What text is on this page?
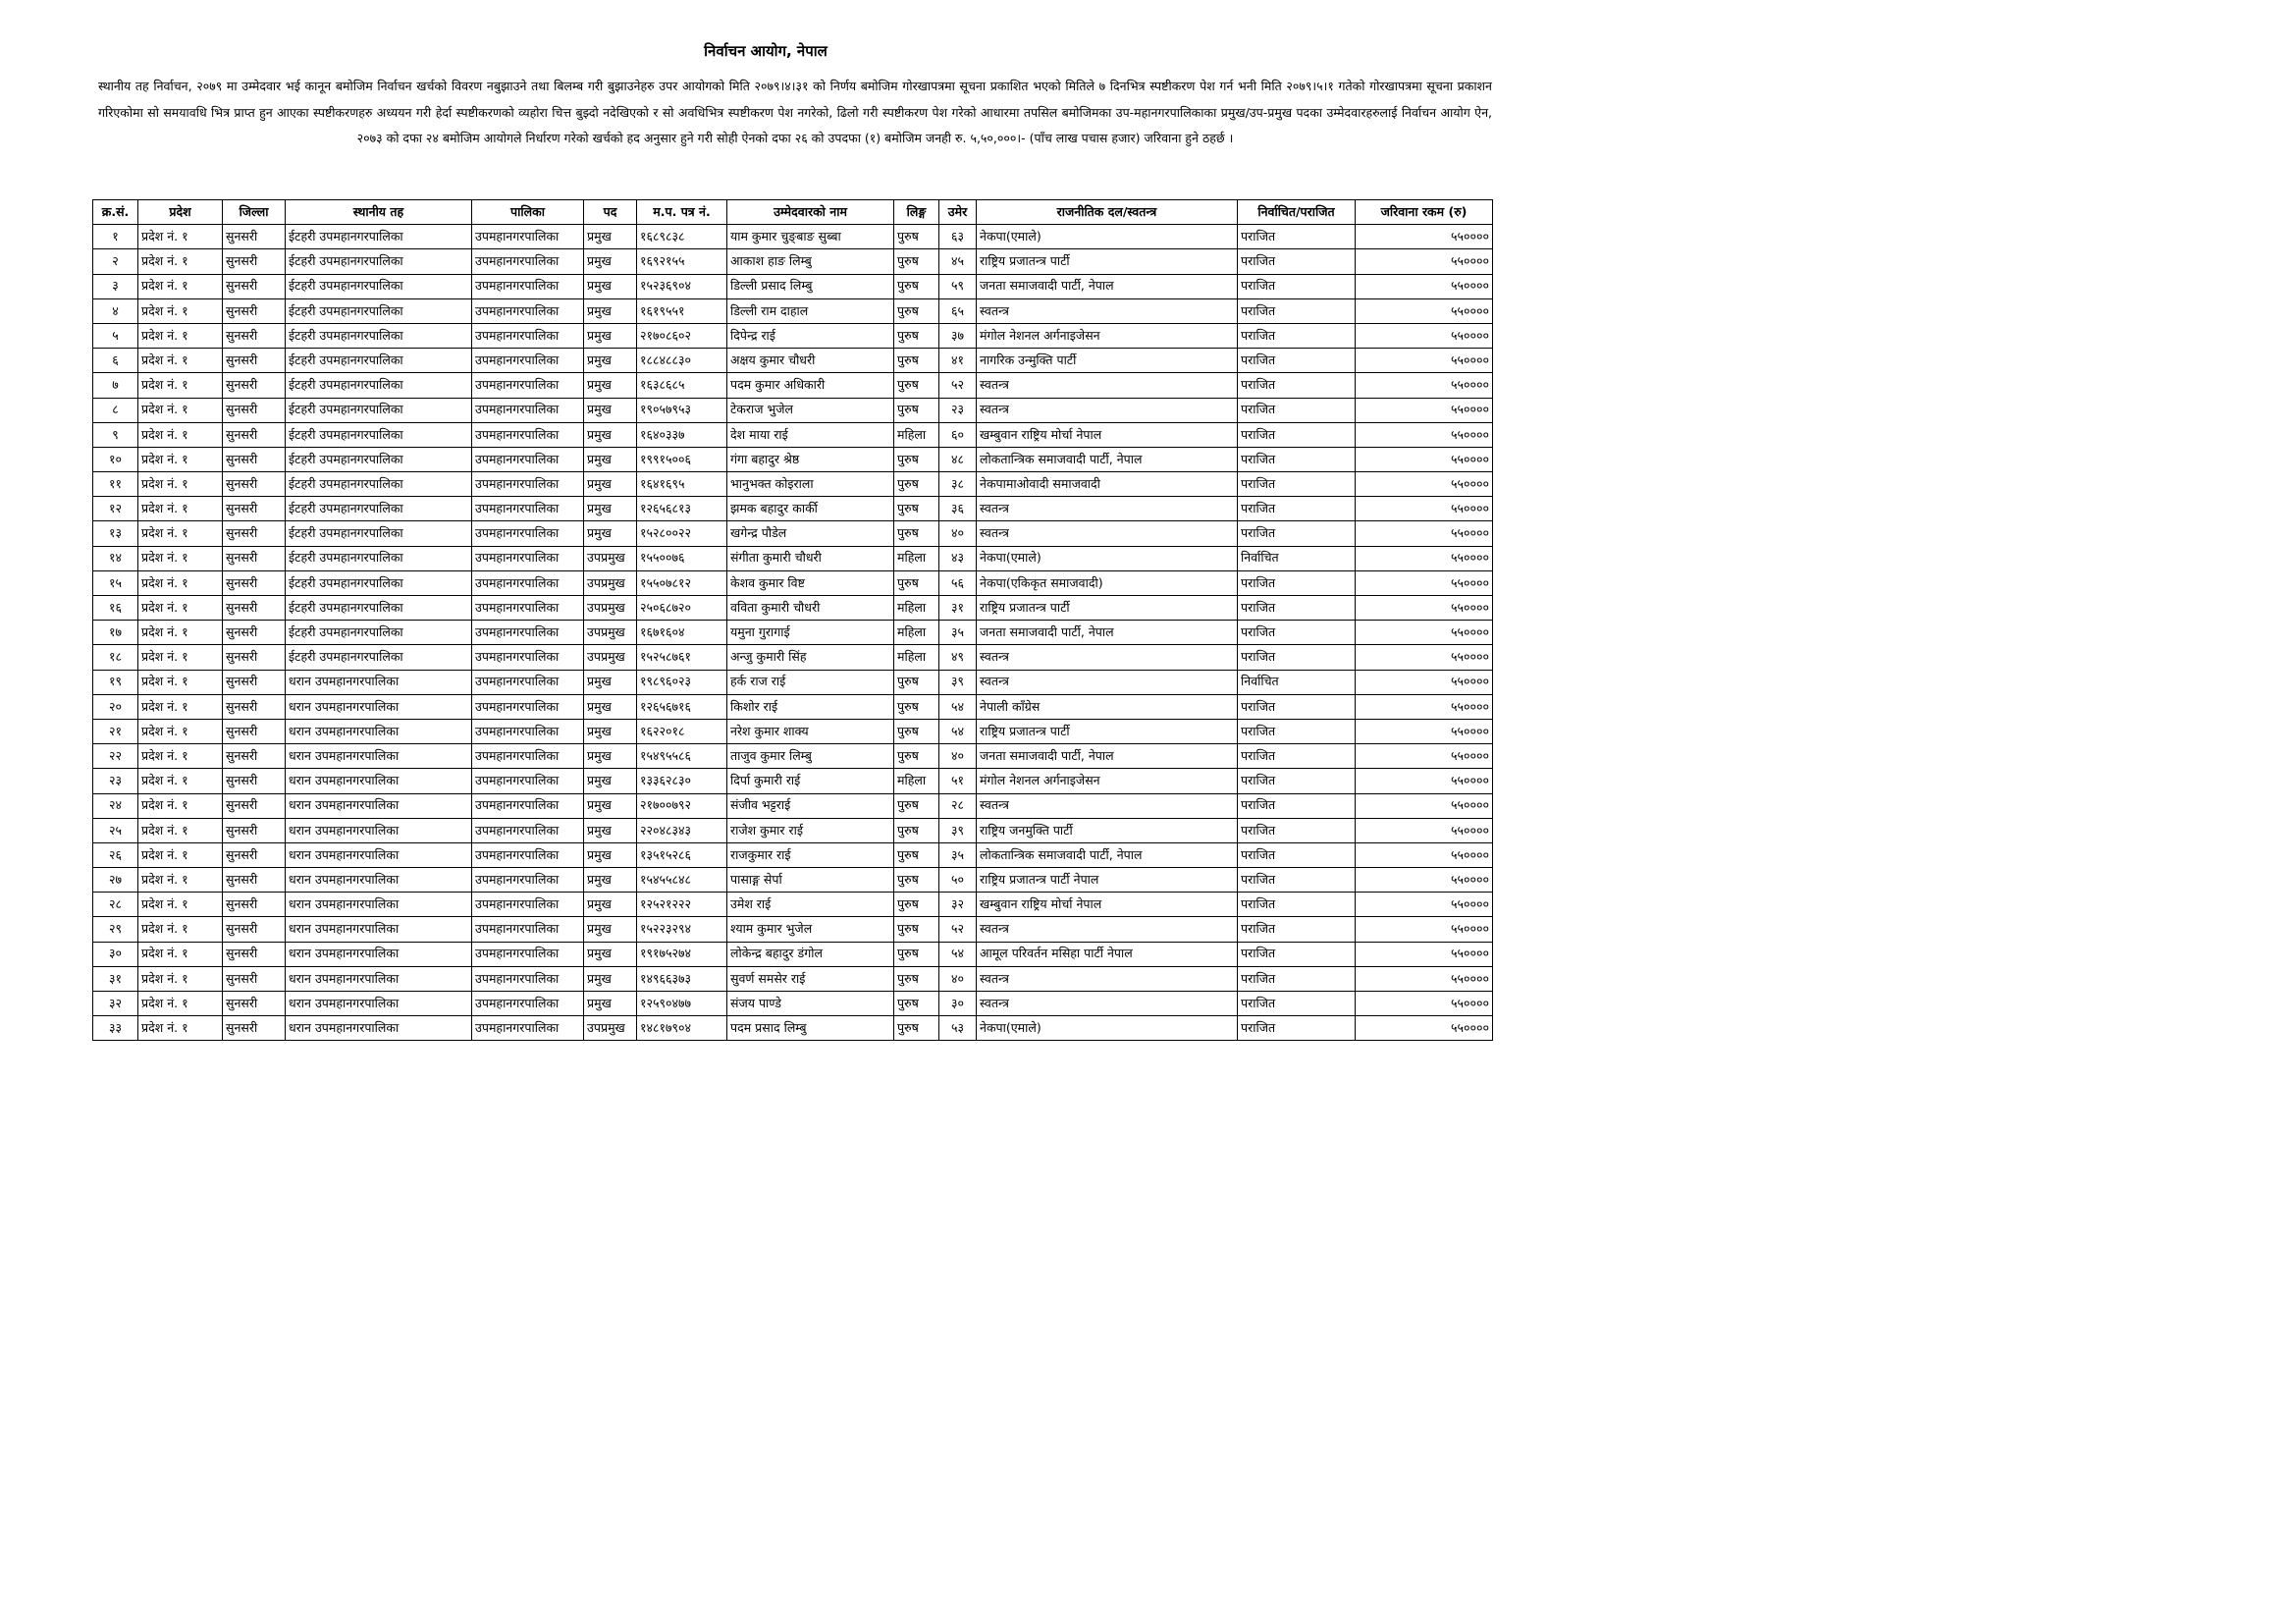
निर्वाचन आयोग, नेपाल
स्थानीय तह निर्वाचन, २०७९ मा उम्मेदवार भई कानून बमोजिम निर्वाचन खर्चको विवरण नबुझाउने तथा बिलम्ब गरी बुझाउनेहरु उपर आयोगको मिति २०७९।४।३१ को निर्णय बमोजिम गोरखापत्रमा सूचना प्रकाशित भएको मितिले ७ दिनभित्र स्पष्टीकरण पेश गर्न भनी मिति २०७९।५।१ गतेको गोरखापत्रमा सूचना प्रकाशन गरिएकोमा सो समयावधि भित्र प्राप्त हुन आएका स्पष्टीकरणहरु अध्ययन गरी हेर्दा स्पष्टीकरणको व्यहोरा चित्त बुझ्दो नदेखिएको र सो अवधिभित्र स्पष्टीकरण पेश नगरेको, ढिलो गरी स्पष्टीकरण पेश गरेको आधारमा तपसिल बमोजिमका उप-महानगरपालिकाका प्रमुख/उप-प्रमुख पदका उम्मेदवारहरुलाई निर्वाचन आयोग ऐन, २०७३ को दफा २४ बमोजिम आयोगले निर्धारण गरेको खर्चको हद अनुसार हुने गरी सोही ऐनको दफा २६ को उपदफा (१) बमोजिम जनही रु. ५,५०,०००।- (पाँच लाख पचास हजार) जरिवाना हुने ठहर्छ ।
क्र.सं.	प्रदेश	जिल्ला	स्थानीय तह	पालिका	पद	म.प. पत्र नं.	उम्मेदवारको नाम	लिङ्ग	उमेर	राजनीतिक दल/स्वतन्त्र	निर्वाचित/पराजित	जरिवाना रकम (रु)
१	प्रदेश नं. १	सुनसरी	ईटहरी उपमहानगरपालिका	उपमहानगरपालिका	प्रमुख	१६८९८३८	याम कुमार चुङ्बाङ सुब्बा	पुरुष	६३	नेकपा(एमाले)	पराजित	५५००००
२	प्रदेश नं. १	सुनसरी	ईटहरी उपमहानगरपालिका	उपमहानगरपालिका	प्रमुख	१६९२१५५	आकाश हाङ लिम्बु	पुरुष	४५	राष्ट्रिय प्रजातन्त्र पार्टी	पराजित	५५००००
३	प्रदेश नं. १	सुनसरी	ईटहरी उपमहानगरपालिका	उपमहानगरपालिका	प्रमुख	१५२३६९०४	डिल्ली प्रसाद लिम्बु	पुरुष	५९	जनता समाजवादी पार्टी, नेपाल	पराजित	५५००००
४	प्रदेश नं. १	सुनसरी	ईटहरी उपमहानगरपालिका	उपमहानगरपालिका	प्रमुख	१६१९५५१	डिल्ली राम दाहाल	पुरुष	६५	स्वतन्त्र	पराजित	५५००००
५	प्रदेश नं. १	सुनसरी	ईटहरी उपमहानगरपालिका	उपमहानगरपालिका	प्रमुख	२१७०८६०२	दिपेन्द्र राई	पुरुष	३७	मंगोल नेशनल अर्गनाइजेसन	पराजित	५५००००
६	प्रदेश नं. १	सुनसरी	ईटहरी उपमहानगरपालिका	उपमहानगरपालिका	प्रमुख	१८८४८८३०	अक्षय कुमार चौधरी	पुरुष	४१	नागरिक उन्मुक्ति पार्टी	पराजित	५५००००
७	प्रदेश नं. १	सुनसरी	ईटहरी उपमहानगरपालिका	उपमहानगरपालिका	प्रमुख	१६३८६८५	पदम कुमार अधिकारी	पुरुष	५२	स्वतन्त्र	पराजित	५५००००
८	प्रदेश नं. १	सुनसरी	ईटहरी उपमहानगरपालिका	उपमहानगरपालिका	प्रमुख	१९०५७९५३	टेकराज भुजेल	पुरुष	२३	स्वतन्त्र	पराजित	५५००००
९	प्रदेश नं. १	सुनसरी	ईटहरी उपमहानगरपालिका	उपमहानगरपालिका	प्रमुख	१६४०३३७	देश माया राई	महिला	६०	खम्बुवान राष्ट्रिय मोर्चा नेपाल	पराजित	५५००००
१०	प्रदेश नं. १	सुनसरी	ईटहरी उपमहानगरपालिका	उपमहानगरपालिका	प्रमुख	१९९१५००६	गंगा बहादुर श्रेष्ठ	पुरुष	४८	लोकतान्त्रिक समाजवादी पार्टी, नेपाल	पराजित	५५००००
११	प्रदेश नं. १	सुनसरी	ईटहरी उपमहानगरपालिका	उपमहानगरपालिका	प्रमुख	१६४१६९५	भानुभक्त कोइराला	पुरुष	३८	नेकपामाओवादी समाजवादी	पराजित	५५००००
१२	प्रदेश नं. १	सुनसरी	ईटहरी उपमहानगरपालिका	उपमहानगरपालिका	प्रमुख	१२६५६८१३	झमक बहादुर कार्की	पुरुष	३६	स्वतन्त्र	पराजित	५५००००
१३	प्रदेश नं. १	सुनसरी	ईटहरी उपमहानगरपालिका	उपमहानगरपालिका	प्रमुख	१५२८००२२	खगेन्द्र पौडेल	पुरुष	४०	स्वतन्त्र	पराजित	५५००००
१४	प्रदेश नं. १	सुनसरी	ईटहरी उपमहानगरपालिका	उपमहानगरपालिका	उपप्रमुख	१५५००७६	संगीता कुमारी चौधरी	महिला	४३	नेकपा(एमाले)	निर्वाचित	५५००००
१५	प्रदेश नं. १	सुनसरी	ईटहरी उपमहानगरपालिका	उपमहानगरपालिका	उपप्रमुख	१५५०७८१२	केशव कुमार विष्ट	पुरुष	५६	नेकपा(एकिकृत समाजवादी)	पराजित	५५००००
१६	प्रदेश नं. १	सुनसरी	ईटहरी उपमहानगरपालिका	उपमहानगरपालिका	उपप्रमुख	२५०६८७२०	वविता कुमारी चौधरी	महिला	३१	राष्ट्रिय प्रजातन्त्र पार्टी	पराजित	५५००००
१७	प्रदेश नं. १	सुनसरी	ईटहरी उपमहानगरपालिका	उपमहानगरपालिका	उपप्रमुख	१६७१६०४	यमुना गुरागाई	महिला	३५	जनता समाजवादी पार्टी, नेपाल	पराजित	५५००००
१८	प्रदेश नं. १	सुनसरी	ईटहरी उपमहानगरपालिका	उपमहानगरपालिका	उपप्रमुख	१५२५८७६१	अन्जु कुमारी सिंह	महिला	४९	स्वतन्त्र	पराजित	५५००००
१९	प्रदेश नं. १	सुनसरी	धरान उपमहानगरपालिका	उपमहानगरपालिका	प्रमुख	१९८९६०२३	हर्क राज राई	पुरुष	३९	स्वतन्त्र	निर्वाचित	५५००००
२०	प्रदेश नं. १	सुनसरी	धरान उपमहानगरपालिका	उपमहानगरपालिका	प्रमुख	१२६५६७१६	किशोर राई	पुरुष	५४	नेपाली काँग्रेस	पराजित	५५००००
२१	प्रदेश नं. १	सुनसरी	धरान उपमहानगरपालिका	उपमहानगरपालिका	प्रमुख	१६२२०१८	नरेश कुमार शाक्य	पुरुष	५४	राष्ट्रिय प्रजातन्त्र पार्टी	पराजित	५५००००
२२	प्रदेश नं. १	सुनसरी	धरान उपमहानगरपालिका	उपमहानगरपालिका	प्रमुख	१५४९५५८६	ताजुव कुमार लिम्बु	पुरुष	४०	जनता समाजवादी पार्टी, नेपाल	पराजित	५५००००
२३	प्रदेश नं. १	सुनसरी	धरान उपमहानगरपालिका	उपमहानगरपालिका	प्रमुख	१३३६२८३०	दिर्पा कुमारी राई	महिला	५१	मंगोल नेशनल अर्गनाइजेसन	पराजित	५५००००
२४	प्रदेश नं. १	सुनसरी	धरान उपमहानगरपालिका	उपमहानगरपालिका	प्रमुख	२१७००७९२	संजीव भट्टराई	पुरुष	२८	स्वतन्त्र	पराजित	५५००००
२५	प्रदेश नं. १	सुनसरी	धरान उपमहानगरपालिका	उपमहानगरपालिका	प्रमुख	२२०४८३४३	राजेश कुमार राई	पुरुष	३९	राष्ट्रिय जनमुक्ति पार्टी	पराजित	५५००००
२६	प्रदेश नं. १	सुनसरी	धरान उपमहानगरपालिका	उपमहानगरपालिका	प्रमुख	१३५१५२८६	राजकुमार राई	पुरुष	३५	लोकतान्त्रिक समाजवादी पार्टी, नेपाल	पराजित	५५००००
२७	प्रदेश नं. १	सुनसरी	धरान उपमहानगरपालिका	उपमहानगरपालिका	प्रमुख	१५४५५८४८	पासाङ्ग सेर्पा	पुरुष	५०	राष्ट्रिय प्रजातन्त्र पार्टी नेपाल	पराजित	५५००००
२८	प्रदेश नं. १	सुनसरी	धरान उपमहानगरपालिका	उपमहानगरपालिका	प्रमुख	१२५२१२२२	उमेश राई	पुरुष	३२	खम्बुवान राष्ट्रिय मोर्चा नेपाल	पराजित	५५००००
२९	प्रदेश नं. १	सुनसरी	धरान उपमहानगरपालिका	उपमहानगरपालिका	प्रमुख	१५२२३२९४	श्याम कुमार भुजेल	पुरुष	५२	स्वतन्त्र	पराजित	५५००००
३०	प्रदेश नं. १	सुनसरी	धरान उपमहानगरपालिका	उपमहानगरपालिका	प्रमुख	१९१७५२७४	लोकेन्द्र बहादुर डंगोल	पुरुष	५४	आमूल परिवर्तन मसिहा पार्टी नेपाल	पराजित	५५००००
३१	प्रदेश नं. १	सुनसरी	धरान उपमहानगरपालिका	उपमहानगरपालिका	प्रमुख	१४९६६३७३	सुवर्ण समसेर राई	पुरुष	४०	स्वतन्त्र	पराजित	५५००००
३२	प्रदेश नं. १	सुनसरी	धरान उपमहानगरपालिका	उपमहानगरपालिका	प्रमुख	१२५९०४७७	संजय पाण्डे	पुरुष	३०	स्वतन्त्र	पराजित	५५००००
३३	प्रदेश नं. १	सुनसरी	धरान उपमहानगरपालिका	उपमहानगरपालिका	उपप्रमुख	१४८१७९०४	पदम प्रसाद लिम्बु	पुरुष	५३	नेकपा(एमाले)	पराजित	५५००००
